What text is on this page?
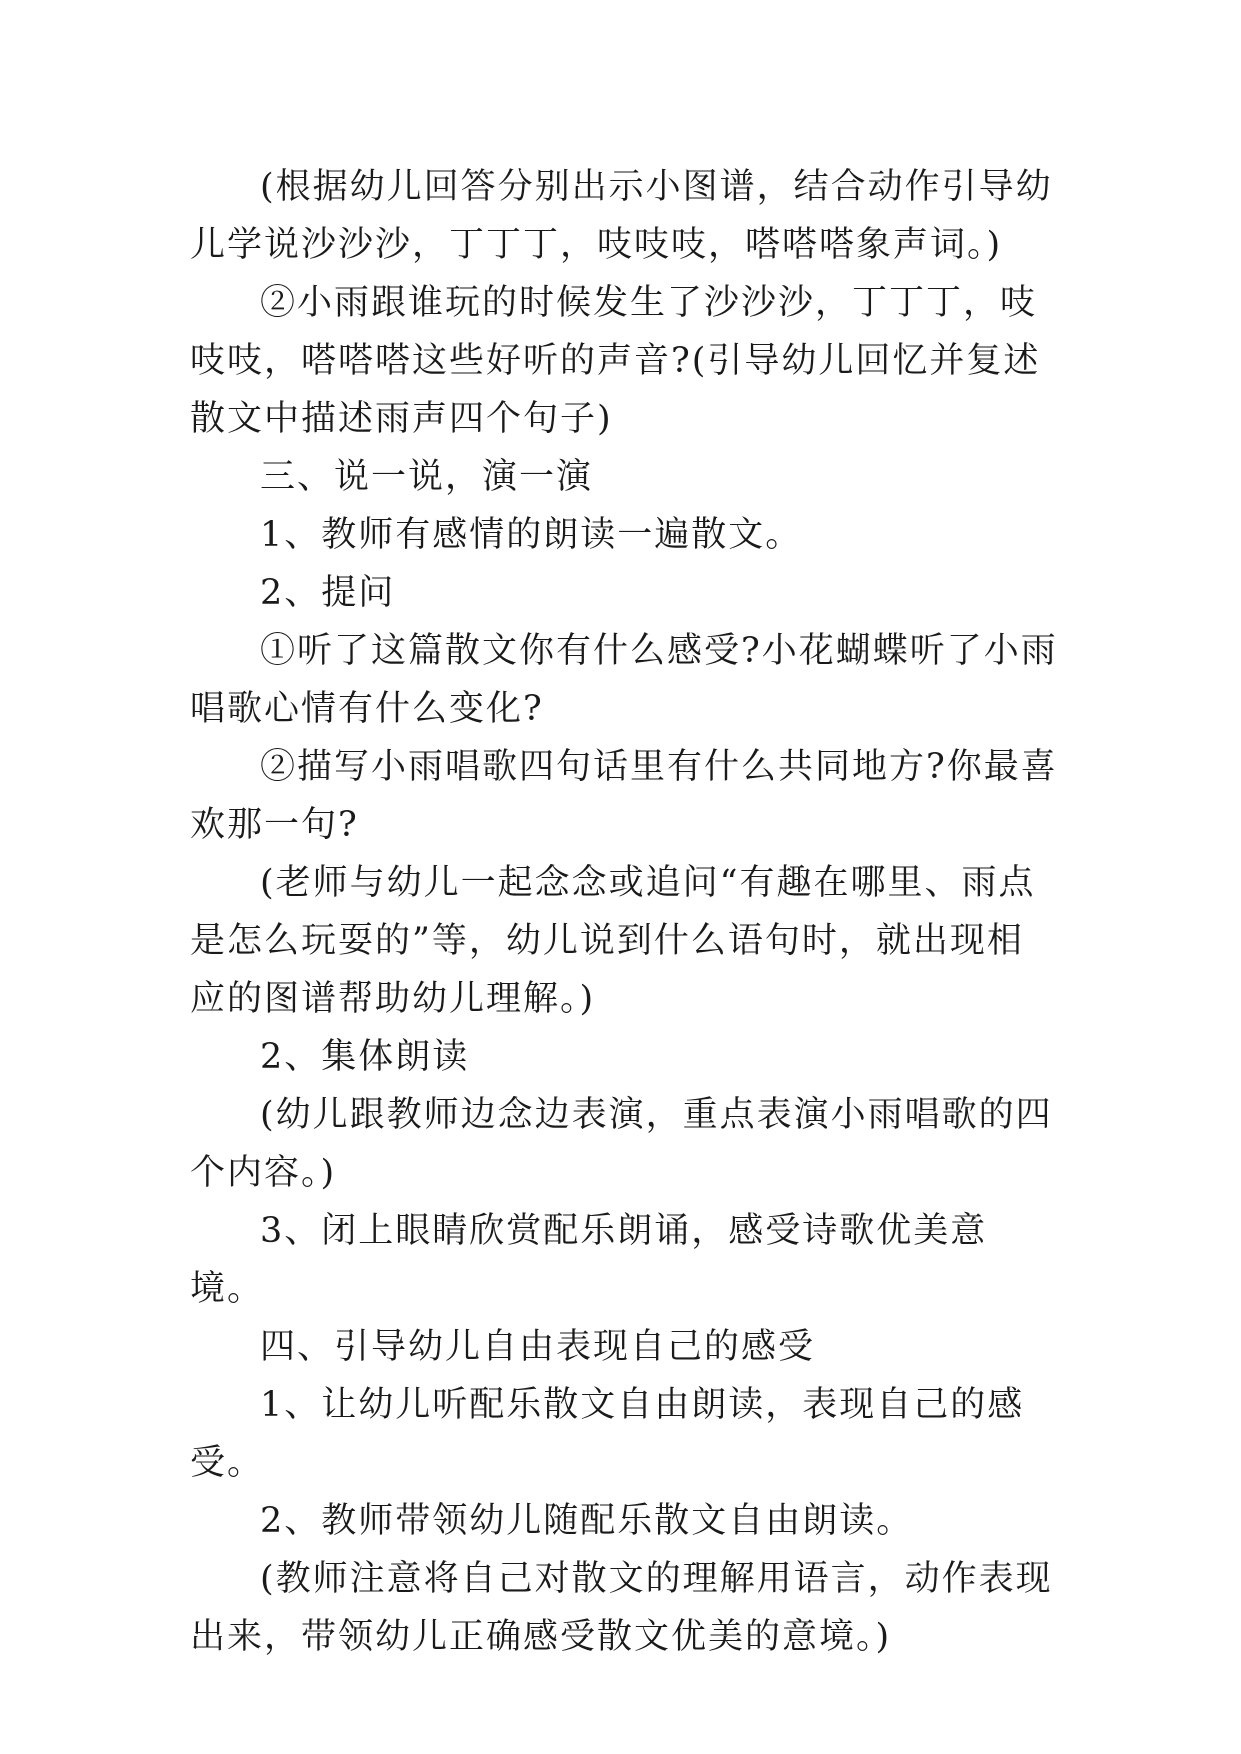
(根据幼儿回答分别出示小图谱，结合动作引导幼儿学说沙沙沙，丁丁丁，吱吱吱，嗒嗒嗒象声词。)

②小雨跟谁玩的时候发生了沙沙沙，丁丁丁，吱吱吱，嗒嗒嗒这些好听的声音?(引导幼儿回忆并复述散文中描述雨声四个句子)

三、说一说，演一演

1、教师有感情的朗读一遍散文。

2、提问

①听了这篇散文你有什么感受?小花蝴蝶听了小雨唱歌心情有什么变化?

②描写小雨唱歌四句话里有什么共同地方?你最喜欢那一句?

(老师与幼儿一起念念或追问“有趣在哪里、雨点是怎么玩耍的”等，幼儿说到什么语句时，就出现相应的图谱帮助幼儿理解。)

2、集体朗读

(幼儿跟教师边念边表演，重点表演小雨唱歌的四个内容。)

3、闭上眼睛欣赏配乐朗诵，感受诗歌优美意境。

四、引导幼儿自由表现自己的感受

1、让幼儿听配乐散文自由朗读，表现自己的感受。

2、教师带领幼儿随配乐散文自由朗读。

(教师注意将自己对散文的理解用语言，动作表现出来，带领幼儿正确感受散文优美的意境。)
